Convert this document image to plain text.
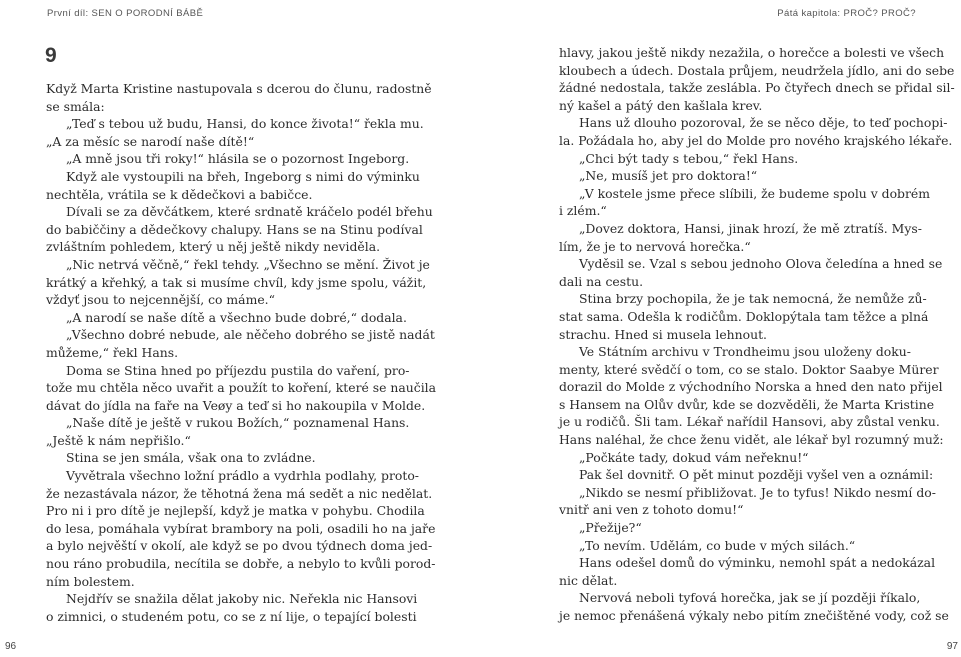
První díl: SEN O PORODNÍ BÁBĚ
9
Když Marta Kristine nastupovala s dcerou do člunu, radostně
se smála:
„Teď s tebou už budu, Hansi, do konce života!“ řekla mu.
„A za měsíc se narodí naše dítě!“
„A mně jsou tři roky!“ hlásila se o pozornost Ingeborg.
Když ale vystoupili na břeh, Ingeborg s nimi do výminku
nechtěla, vrátila se k dědečkovi a babičce.
Dívali se za děvčátkem, které srdnatě kráčelo podél břehu
do babiččiny a dědečkovy chalupy. Hans se na Stinu podíval
zvláštním pohledem, který u něj ještě nikdy neviděla.
„Nic netrvá věčně,“ řekl tehdy. „Všechno se mění. Život je
krátký a křehký, a tak si musíme chvíl, kdy jsme spolu, vážit,
vždyť jsou to nejcennější, co máme.“
„A narodí se naše dítě a všechno bude dobré,“ dodala.
„Všechno dobré nebude, ale něčeho dobrého se jistě nadát
můžeme,“ řekl Hans.
Doma se Stina hned po příjezdu pustila do vaření, pro-
tože mu chtěla něco uvařit a použít to koření, které se naučila
dávat do jídla na faře na Veøy a teď si ho nakoupila v Molde.
„Naše dítě je ještě v rukou Božích,“ poznamenal Hans.
„Ještě k nám nepřišlo.“
Stina se jen smála, však ona to zvládne.
Vyvětrala všechno ložní prádlo a vydrhla podlahy, proto-
že nezastávala názor, že těhotná žena má sedět a nic nedělat.
Pro ni i pro dítě je nejlepší, když je matka v pohybu. Chodila
do lesa, pomáhala vybírat brambory na poli, osadili ho na jaře
a bylo nejvěští v okolí, ale když se po dvou týdnech doma jed-
nou ráno probudila, necítila se dobře, a nebylo to kvůli porod-
ním bolestem.
Nejdřív se snažila dělat jakoby nic. Neřekla nic Hansovi
o zimnici, o studeném potu, co se z ní lije, o tepající bolesti
96
Pátá kapitola: PROČ? PROČ?
hlavy, jakou ještě nikdy nezažila, o horečce a bolesti ve všech
kloubech a údech. Dostala průjem, neudržela jídlo, ani do sebe
žádné nedostala, takže zeslábla. Po čtyřech dnech se přidal sil-
ný kašel a pátý den kašlala krev.
Hans už dlouho pozoroval, že se něco děje, to teď pochopi-
la. Požádala ho, aby jel do Molde pro nového krajského lékaře.
„Chci být tady s tebou,“ řekl Hans.
„Ne, musíš jet pro doktora!“
„V kostele jsme přece slíbili, že budeme spolu v dobrém
i zlém.“
„Dovez doktora, Hansi, jinak hrozí, že mě ztratíš. Mys-
lím, že je to nervová horečka.“
Vyděsil se. Vzal s sebou jednoho Olova čeledína a hned se
dali na cestu.
Stina brzy pochopila, že je tak nemocná, že nemůže zů-
stat sama. Odešla k rodičům. Doklopýtala tam těžce a plná
strachu. Hned si musela lehnout.
Ve Státním archivu v Trondheimu jsou uloženy doku-
menty, které svědčí o tom, co se stalo. Doktor Saabye Mürer
dorazil do Molde z východního Norska a hned den nato přijel
s Hansem na Olův dvůr, kde se dozvěděli, že Marta Kristine
je u rodičů. Šli tam. Lékař nařídil Hansovi, aby zůstal venku.
Hans naléhal, že chce ženu vidět, ale lékař byl rozumný muž:
„Počkáte tady, dokud vám neřeknu!“
Pak šel dovnitř. O pět minut později vyšel ven a oznámil:
„Nikdo se nesmí přibližovat. Je to tyfus! Nikdo nesmí do-
vnitř ani ven z tohoto domu!“
„Přežije?“
„To nevím. Udělám, co bude v mých silách.“
Hans odešel domů do výminku, nemohl spát a nedokázal
nic dělat.
Nervová neboli tyfová horečka, jak se jí později říkalo,
je nemoc přenášená výkaly nebo pitím znečištěné vody, což se
97
